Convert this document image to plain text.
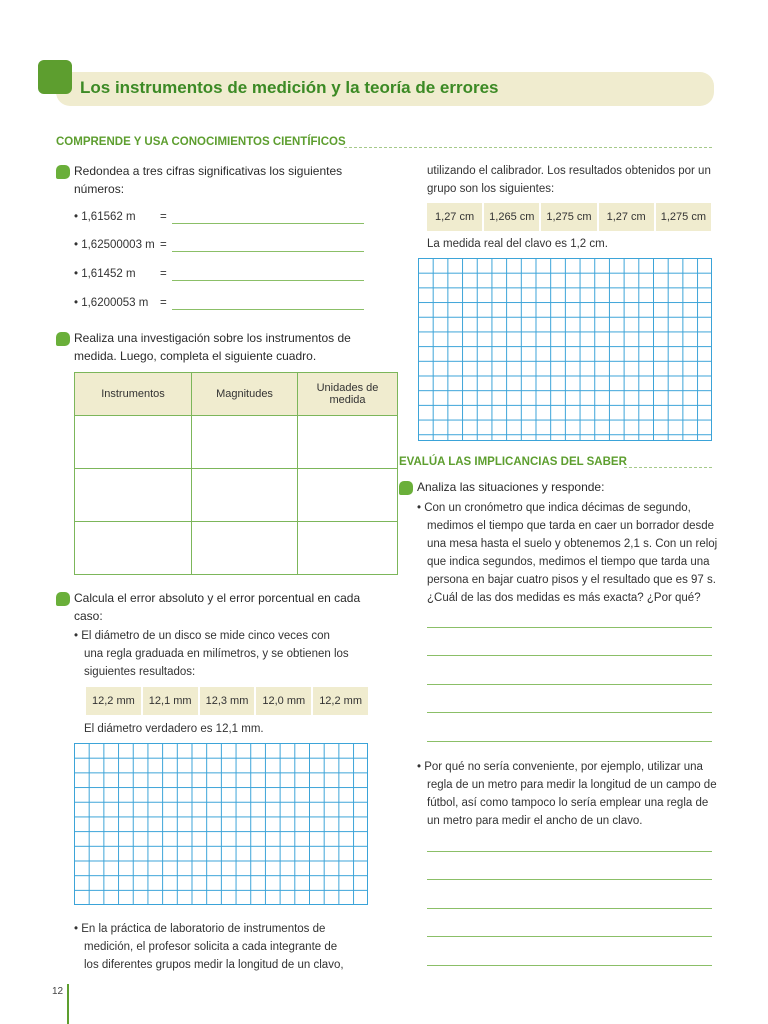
Los instrumentos de medición y la teoría de errores
COMPRENDE Y USA CONOCIMIENTOS CIENTÍFICOS
Redondea a tres cifras significativas los siguientes
números:
• 1,61562 m =
• 1,62500003 m =
• 1,61452 m =
• 1,6200053 m =
Realiza una investigación sobre los instrumentos de
medida. Luego, completa el siguiente cuadro.
Instrumentos	Magnitudes	Unidades de medida

Calcula el error absoluto y el error porcentual en cada
caso:
• El diámetro de un disco se mide cinco veces con
una regla graduada en milímetros, y se obtienen los
siguientes resultados:
12,2 mm	12,1 mm	12,3 mm	12,0 mm	12,2 mm
El diámetro verdadero es 12,1 mm.
• En la práctica de laboratorio de instrumentos de
medición, el profesor solicita a cada integrante de
los diferentes grupos medir la longitud de un clavo,
utilizando el calibrador. Los resultados obtenidos por un
grupo son los siguientes:
1,27 cm	1,265 cm	1,275 cm	1,27 cm	1,275 cm
La medida real del clavo es 1,2 cm.
EVALÚA LAS IMPLICANCIAS DEL SABER
Analiza las situaciones y responde:
• Con un cronómetro que indica décimas de segundo,
medimos el tiempo que tarda en caer un borrador desde
una mesa hasta el suelo y obtenemos 2,1 s. Con un reloj
que indica segundos, medimos el tiempo que tarda una
persona en bajar cuatro pisos y el resultado que es 97 s.
¿Cuál de las dos medidas es más exacta? ¿Por qué?
• Por qué no sería conveniente, por ejemplo, utilizar una
regla de un metro para medir la longitud de un campo de
fútbol, así como tampoco lo sería emplear una regla de
un metro para medir el ancho de un clavo.
12
